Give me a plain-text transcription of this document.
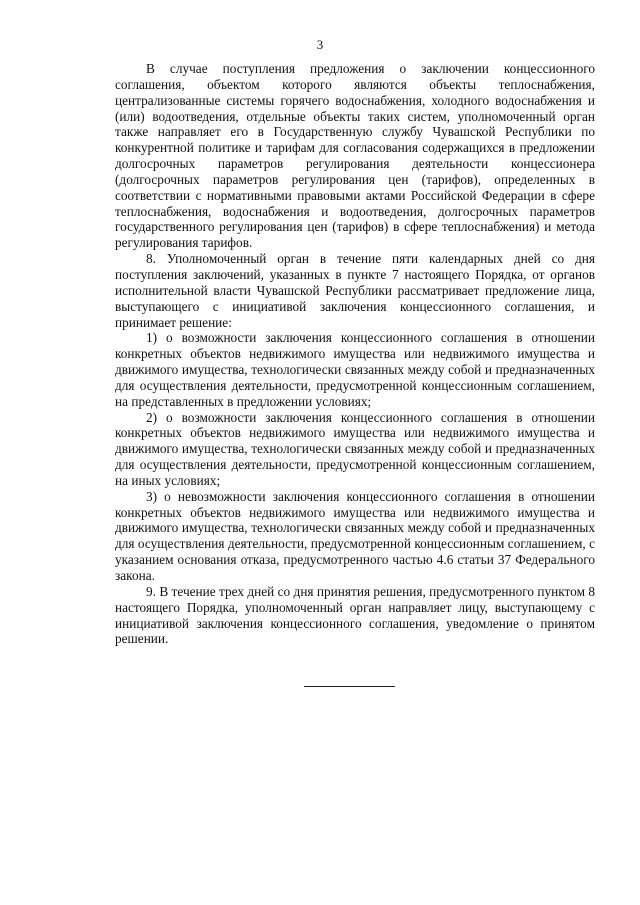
3

В случае поступления предложения о заключении концессионного соглашения, объектом которого являются объекты теплоснабжения, централизованные системы горячего водоснабжения, холодного водоснабжения и (или) водоотведения, отдельные объекты таких систем, уполномоченный орган также направляет его в Государственную службу Чувашской Республики по конкурентной политике и тарифам для согласования содержащихся в предложении долгосрочных параметров регулирования деятельности концессионера (долгосрочных параметров регулирования цен (тарифов), определенных в соответствии с нормативными правовыми актами Российской Федерации в сфере теплоснабжения, водоснабжения и водоотведения, долгосрочных параметров государственного регулирования цен (тарифов) в сфере теплоснабжения) и метода регулирования тарифов.

8. Уполномоченный орган в течение пяти календарных дней со дня поступления заключений, указанных в пункте 7 настоящего Порядка, от органов исполнительной власти Чувашской Республики рассматривает предложение лица, выступающего с инициативой заключения концессионного соглашения, и принимает решение:

1) о возможности заключения концессионного соглашения в отношении конкретных объектов недвижимого имущества или недвижимого имущества и движимого имущества, технологически связанных между собой и предназначенных для осуществления деятельности, предусмотренной концессионным соглашением, на представленных в предложении условиях;

2) о возможности заключения концессионного соглашения в отношении конкретных объектов недвижимого имущества или недвижимого имущества и движимого имущества, технологически связанных между собой и предназначенных для осуществления деятельности, предусмотренной концессионным соглашением, на иных условиях;

3) о невозможности заключения концессионного соглашения в отношении конкретных объектов недвижимого имущества или недвижимого имущества и движимого имущества, технологически связанных между собой и предназначенных для осуществления деятельности, предусмотренной концессионным соглашением, с указанием основания отказа, предусмотренного частью 4.6 статьи 37 Федерального закона.

9. В течение трех дней со дня принятия решения, предусмотренного пунктом 8 настоящего Порядка, уполномоченный орган направляет лицу, выступающему с инициативой заключения концессионного соглашения, уведомление о принятом решении.
